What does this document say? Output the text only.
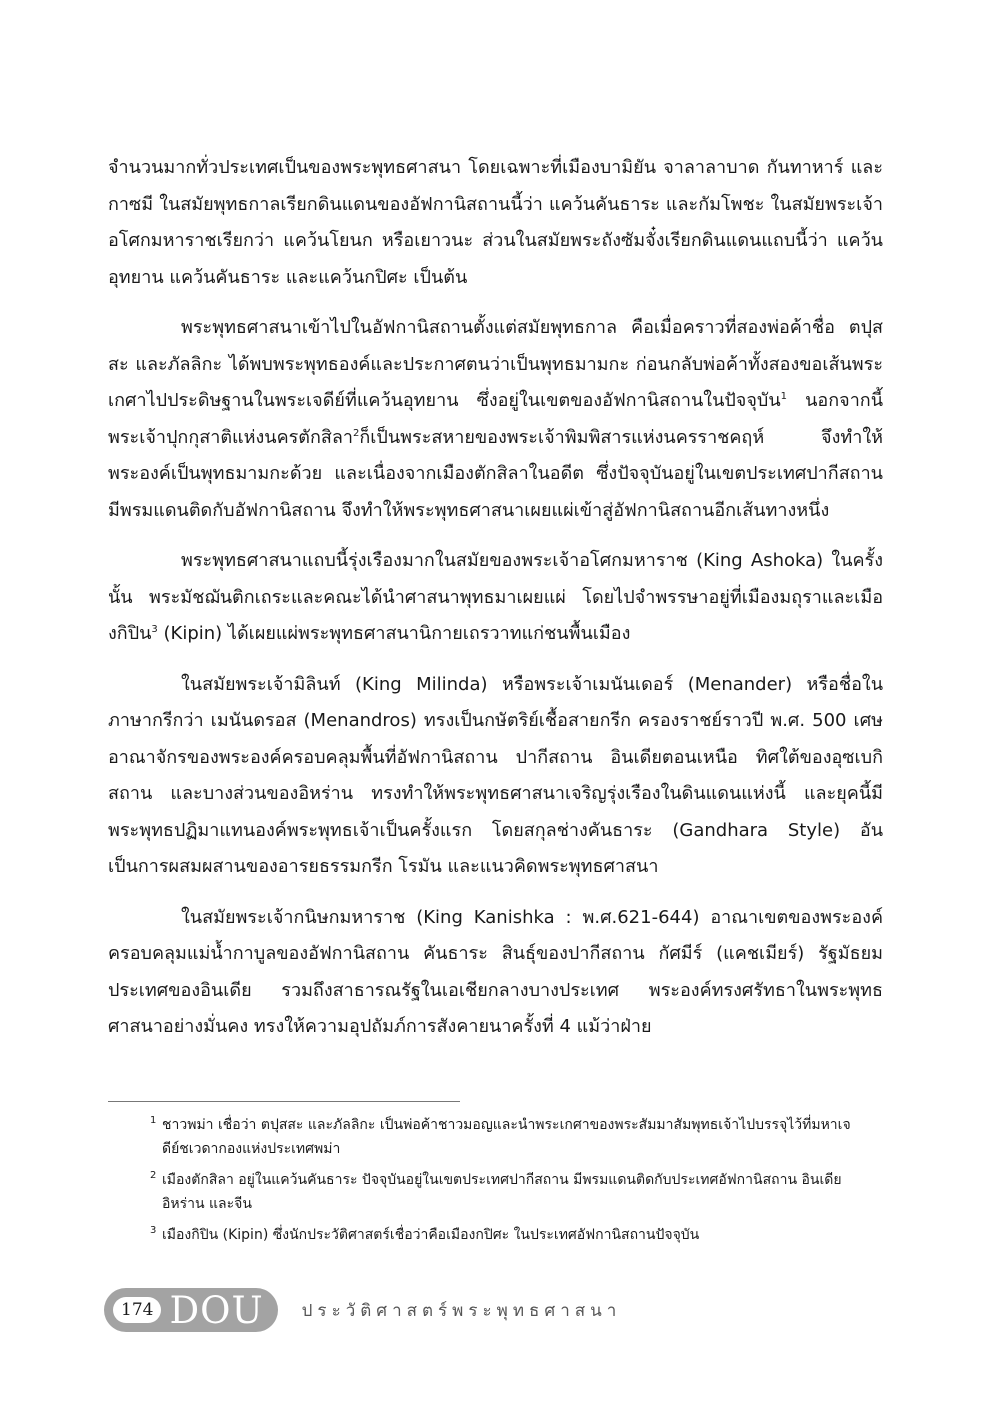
จำนวนมากทั่วประเทศเป็นของพระพุทธศาสนา โดยเฉพาะที่เมืองบามิยัน จาลาลาบาด กันทาหาร์ และกาซมี ในสมัยพุทธกาลเรียกดินแดนของอัฟกานิสถานนี้ว่า แคว้นคันธาระ และกัมโพชะ ในสมัยพระเจ้าอโศกมหาราชเรียกว่า แคว้นโยนก หรือเยาวนะ ส่วนในสมัยพระถังซัมจั๋งเรียกดินแดนแถบนี้ว่า แคว้นอุทยาน แคว้นคันธาระ และแคว้นกปิศะ เป็นต้น

พระพุทธศาสนาเข้าไปในอัฟกานิสถานตั้งแต่สมัยพุทธกาล คือเมื่อคราวที่สองพ่อค้าชื่อ ตปุสสะ และภัลลิกะ ได้พบพระพุทธองค์และประกาศตนว่าเป็นพุทธมามกะ ก่อนกลับพ่อค้าทั้งสองขอเส้นพระเกศาไปประดิษฐานในพระเจดีย์ที่แคว้นอุทยาน ซึ่งอยู่ในเขตของอัฟกานิสถานในปัจจุบัน$^1$ นอกจากนี้พระเจ้าปุกกุสาติแห่งนครตักสิลา$^2$ก็เป็นพระสหายของพระเจ้าพิมพิสารแห่งนครราชคฤห์ จึงทำให้พระองค์เป็นพุทธมามกะด้วย และเนื่องจากเมืองตักสิลาในอดีต ซึ่งปัจจุบันอยู่ในเขตประเทศปากีสถาน มีพรมแดนติดกับอัฟกานิสถาน จึงทำให้พระพุทธศาสนาเผยแผ่เข้าสู่อัฟกานิสถานอีกเส้นทางหนึ่ง

พระพุทธศาสนาแถบนี้รุ่งเรืองมากในสมัยของพระเจ้าอโศกมหาราช (King Ashoka) ในครั้งนั้น พระมัชฌันติกเถระและคณะได้นำศาสนาพุทธมาเผยแผ่ โดยไปจำพรรษาอยู่ที่เมืองมถุราและเมืองกิปิน$^3$ (Kipin) ได้เผยแผ่พระพุทธศาสนานิกายเถรวาทแก่ชนพื้นเมือง

ในสมัยพระเจ้ามิลินท์ (King Milinda) หรือพระเจ้าเมนันเดอร์ (Menander) หรือชื่อในภาษากรีกว่า เมนันดรอส (Menandros) ทรงเป็นกษัตริย์เชื้อสายกรีก ครองราชย์ราวปี พ.ศ. 500 เศษ อาณาจักรของพระองค์ครอบคลุมพื้นที่อัฟกานิสถาน ปากีสถาน อินเดียตอนเหนือ ทิศใต้ของอุซเบกิสถาน และบางส่วนของอิหร่าน ทรงทำให้พระพุทธศาสนาเจริญรุ่งเรืองในดินแดนแห่งนี้ และยุคนี้มีพระพุทธปฏิมาแทนองค์พระพุทธเจ้าเป็นครั้งแรก โดยสกุลช่างคันธาระ (Gandhara Style) อันเป็นการผสมผสานของอารยธรรมกรีก โรมัน และแนวคิดพระพุทธศาสนา

ในสมัยพระเจ้ากนิษกมหาราช (King Kanishka : พ.ศ.621-644) อาณาเขตของพระองค์ครอบคลุมแม่น้ำกาบูลของอัฟกานิสถาน คันธาระ สินธุ์ของปากีสถาน กัศมีร์ (แคชเมียร์) รัฐมัธยมประเทศของอินเดีย รวมถึงสาธารณรัฐในเอเชียกลางบางประเทศ พระองค์ทรงศรัทธาในพระพุทธศาสนาอย่างมั่นคง ทรงให้ความอุปถัมภ์การสังคายนาครั้งที่ 4 แม้ว่าฝ่าย

1 ชาวพม่า เชื่อว่า ตปุสสะ และภัลลิกะ เป็นพ่อค้าชาวมอญและนำพระเกศาของพระสัมมาสัมพุทธเจ้าไปบรรจุไว้ที่มหาเจดีย์ชเวดากองแห่งประเทศพม่า

2 เมืองตักสิลา อยู่ในแคว้นคันธาระ ปัจจุบันอยู่ในเขตประเทศปากีสถาน มีพรมแดนติดกับประเทศอัฟกานิสถาน อินเดีย อิหร่าน และจีน

3 เมืองกิปิน (Kipin) ซึ่งนักประวัติศาสตร์เชื่อว่าคือเมืองกปิศะ ในประเทศอัฟกานิสถานปัจจุบัน

174 DOU ประวัติศาสตร์พระพุทธศาสนา
